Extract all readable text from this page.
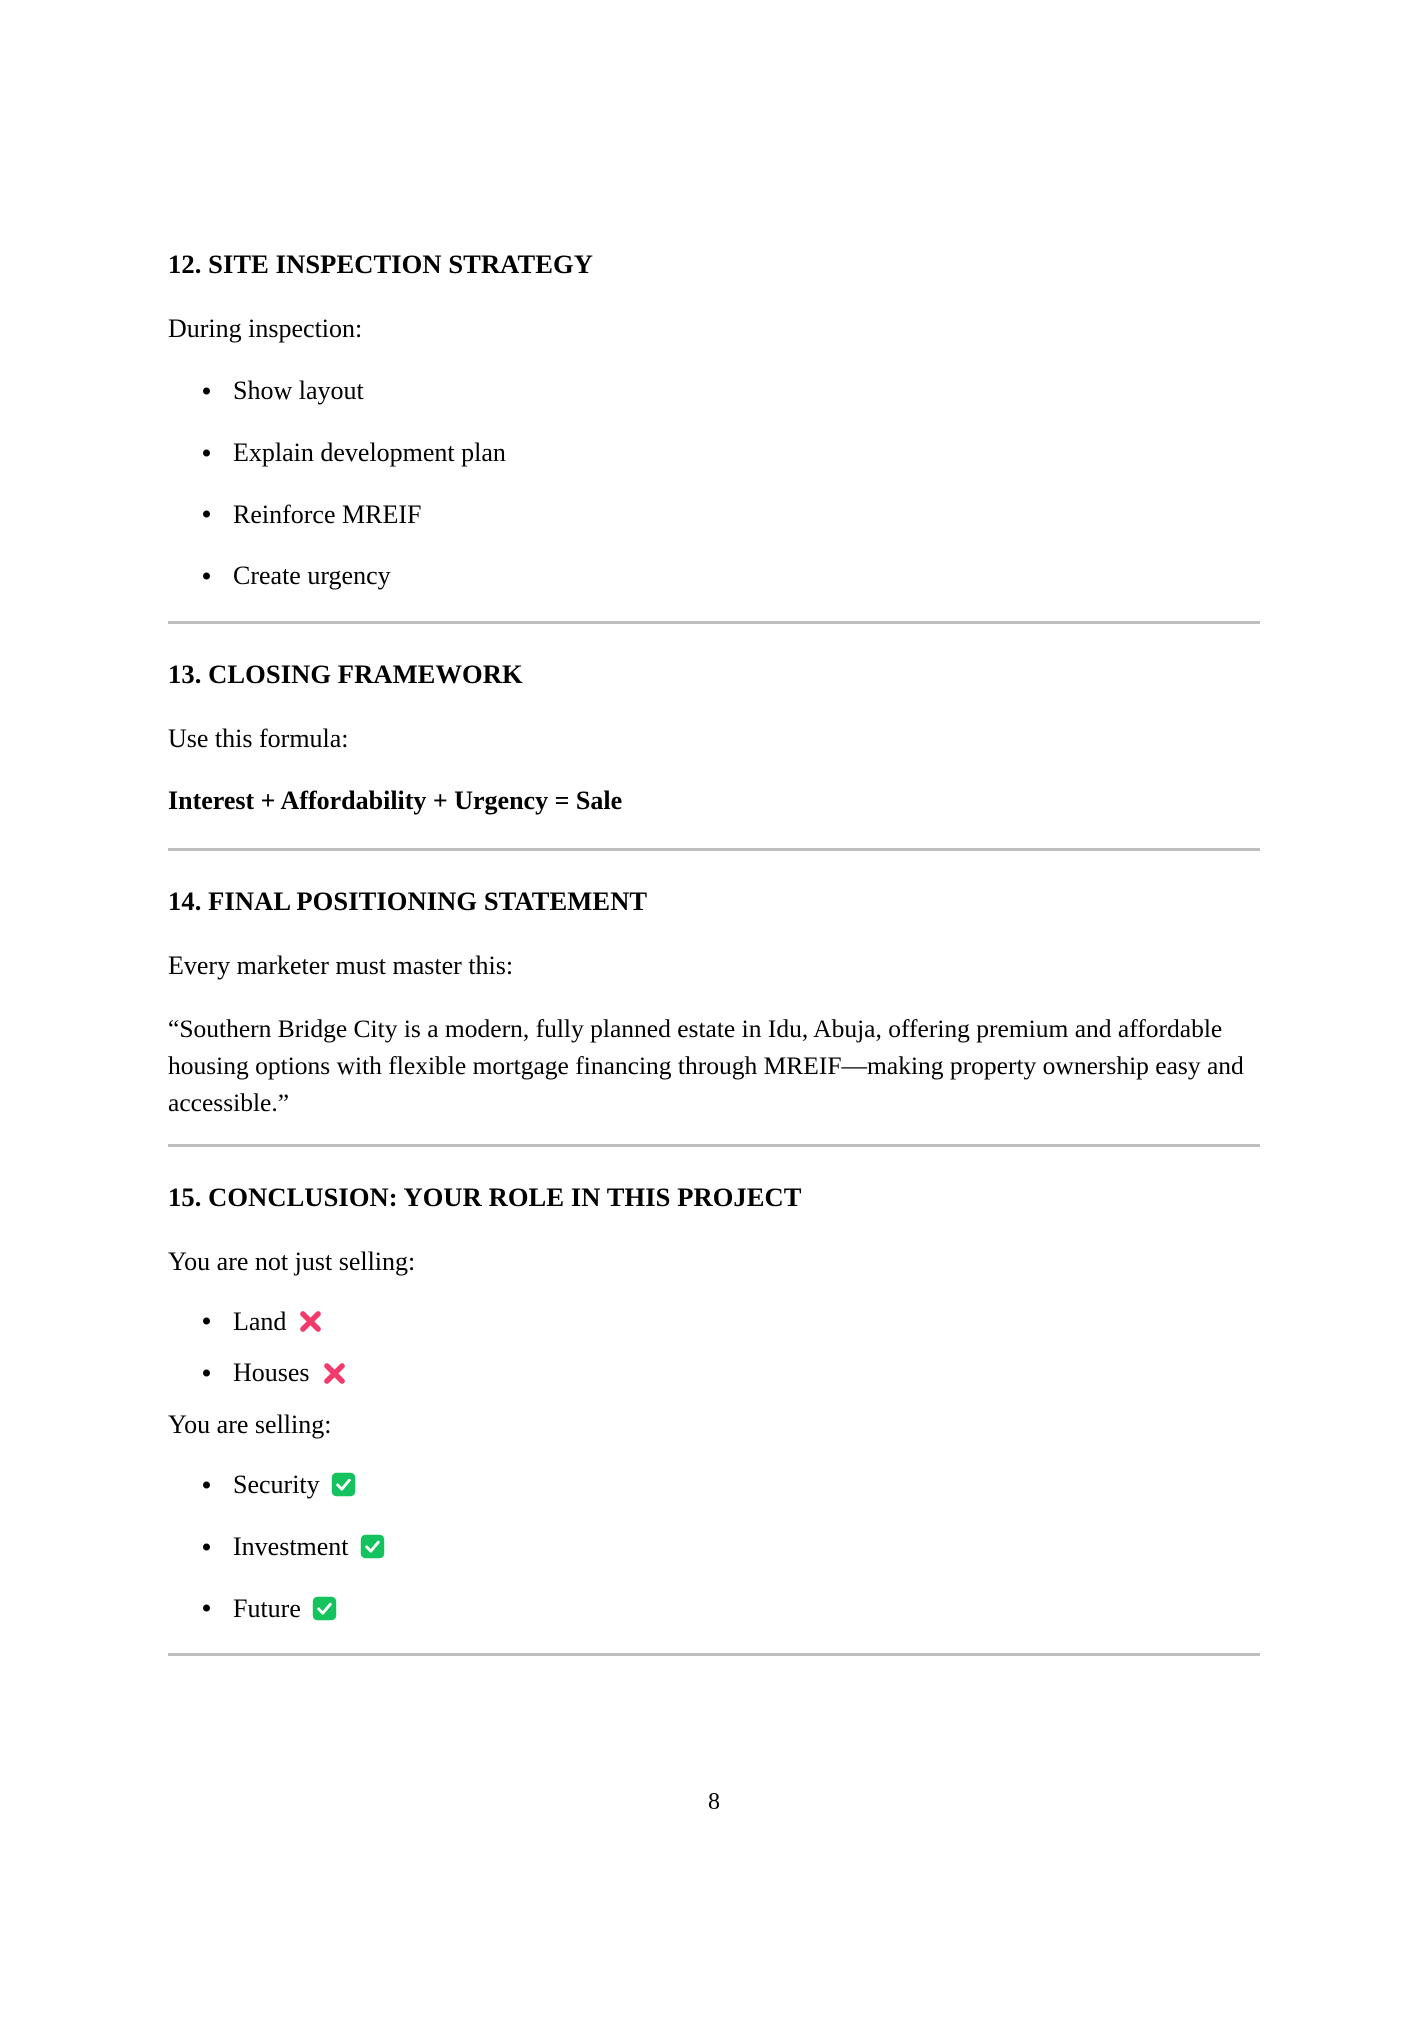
12. SITE INSPECTION STRATEGY

During inspection:

Show layout
Explain development plan
Reinforce MREIF
Create urgency
13. CLOSING FRAMEWORK

Use this formula:

Interest + Affordability + Urgency = Sale

14. FINAL POSITIONING STATEMENT

Every marketer must master this:

“Southern Bridge City is a modern, fully planned estate in Idu, Abuja, offering premium and affordable housing options with flexible mortgage financing through MREIF—making property ownership easy and accessible.”

15. CONCLUSION: YOUR ROLE IN THIS PROJECT

You are not just selling:

Land
Houses

You are selling:

Security
Investment
Future
8
